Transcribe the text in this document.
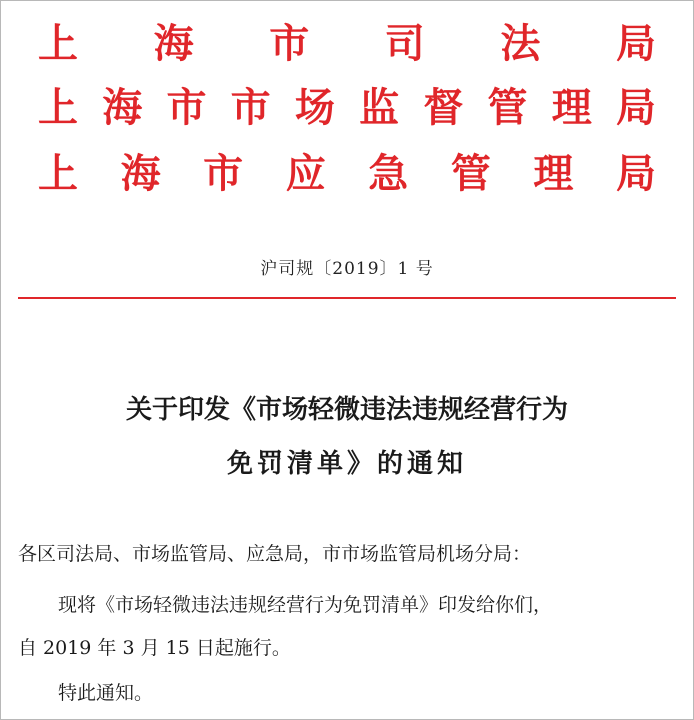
上 海 市 司 法 局
上 海 市 市 场 监 督 管 理 局
上 海 市 应 急 管 理 局
沪司规〔2019〕1 号
关于印发《市场轻微违法违规经营行为
免罚清单》的通知
各区司法局、市场监管局、应急局，市市场监管局机场分局：
现将《市场轻微违法违规经营行为免罚清单》印发给你们，
自 2019 年 3 月 15 日起施行。
特此通知。
